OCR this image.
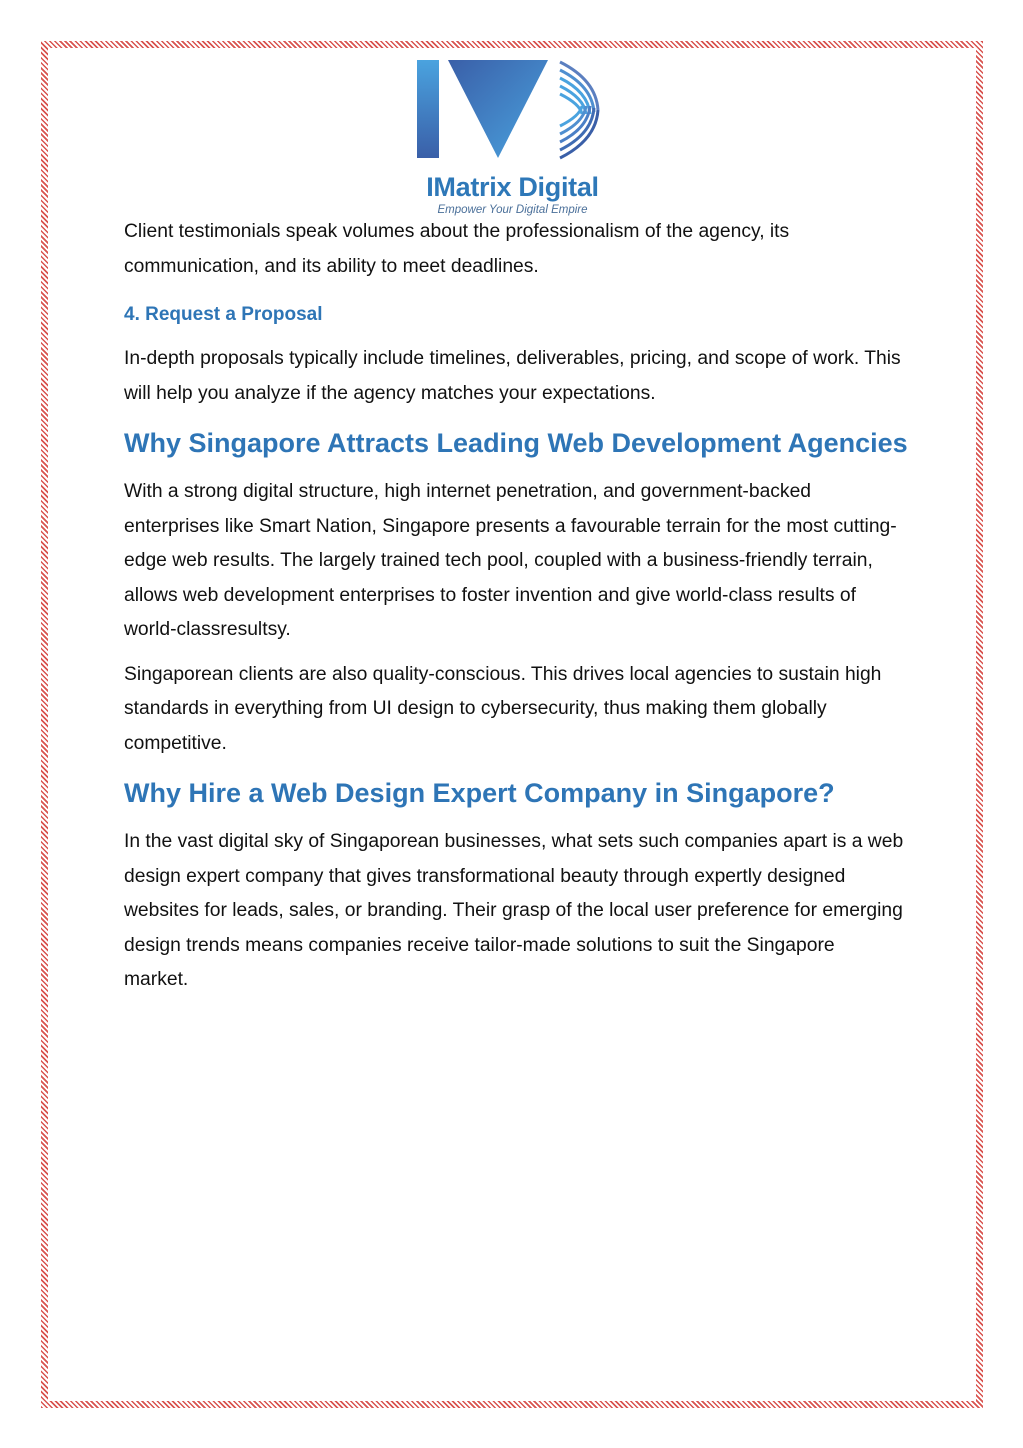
IMatrix Digital
Empower Your Digital Empire

Client testimonials speak volumes about the professionalism of the agency, its communication, and its ability to meet deadlines.

4. Request a Proposal

In-depth proposals typically include timelines, deliverables, pricing, and scope of work. This will help you analyze if the agency matches your expectations.

Why Singapore Attracts Leading Web Development Agencies

With a strong digital structure, high internet penetration, and government-backed enterprises like Smart Nation, Singapore presents a favourable terrain for the most cutting-edge web results. The largely trained tech pool, coupled with a business-friendly terrain, allows web development enterprises to foster invention and give world-class results of world-classresultsy.

Singaporean clients are also quality-conscious. This drives local agencies to sustain high standards in everything from UI design to cybersecurity, thus making them globally competitive.

Why Hire a Web Design Expert Company in Singapore?

In the vast digital sky of Singaporean businesses, what sets such companies apart is a web design expert company that gives transformational beauty through expertly designed websites for leads, sales, or branding. Their grasp of the local user preference for emerging design trends means companies receive tailor-made solutions to suit the Singapore market.
